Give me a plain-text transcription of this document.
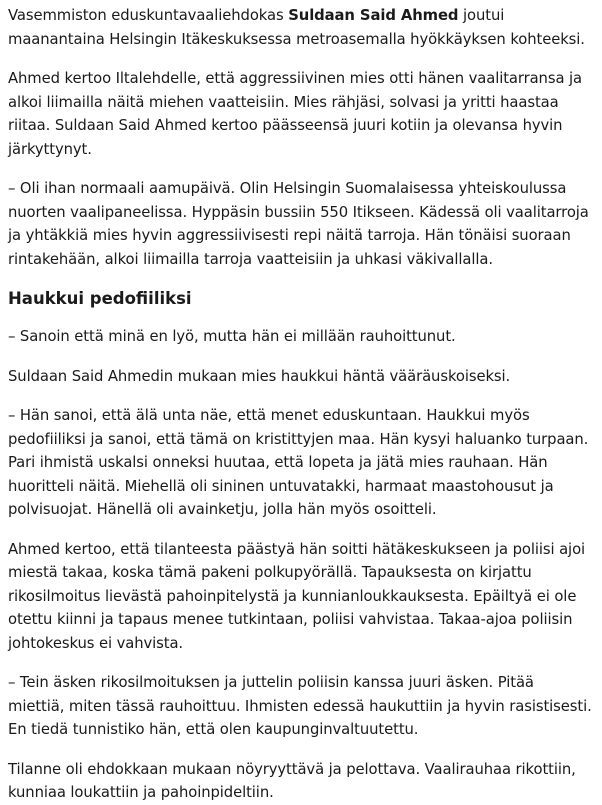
Vasemmiston eduskuntavaaliehdokas Suldaan Said Ahmed joutui maanantaina Helsingin Itäkeskuksessa metroasemalla hyökkäyksen kohteeksi.

Ahmed kertoo Iltalehdelle, että aggressiivinen mies otti hänen vaalitarransa ja alkoi liimailla näitä miehen vaatteisiin. Mies rähjäsi, solvasi ja yritti haastaa riitaa. Suldaan Said Ahmed kertoo päässeensä juuri kotiin ja olevansa hyvin järkyttynyt.

– Oli ihan normaali aamupäivä. Olin Helsingin Suomalaisessa yhteiskoulussa nuorten vaalipaneelissa. Hyppäsin bussiin 550 Itikseen. Kädessä oli vaalitarroja ja yhtäkkiä mies hyvin aggressiivisesti repi näitä tarroja. Hän tönäisi suoraan rintakehään, alkoi liimailla tarroja vaatteisiin ja uhkasi väkivallalla.

Haukkui pedofiiliksi

– Sanoin että minä en lyö, mutta hän ei millään rauhoittunut.

Suldaan Said Ahmedin mukaan mies haukkui häntä vääräuskoiseksi.

– Hän sanoi, että älä unta näe, että menet eduskuntaan. Haukkui myös pedofiiliksi ja sanoi, että tämä on kristittyjen maa. Hän kysyi haluanko turpaan. Pari ihmistä uskalsi onneksi huutaa, että lopeta ja jätä mies rauhaan. Hän huoritteli näitä. Miehellä oli sininen untuvatakki, harmaat maastohousut ja polvisuojat. Hänellä oli avainketju, jolla hän myös osoitteli.

Ahmed kertoo, että tilanteesta päästyä hän soitti hätäkeskukseen ja poliisi ajoi miestä takaa, koska tämä pakeni polkupyörällä. Tapauksesta on kirjattu rikosilmoitus lievästä pahoinpitelystä ja kunnianloukkauksesta. Epäiltyä ei ole otettu kiinni ja tapaus menee tutkintaan, poliisi vahvistaa. Takaa-ajoa poliisin johtokeskus ei vahvista.

– Tein äsken rikosilmoituksen ja juttelin poliisin kanssa juuri äsken. Pitää miettiä, miten tässä rauhoittuu. Ihmisten edessä haukuttiin ja hyvin rasistisesti. En tiedä tunnistiko hän, että olen kaupunginvaltuutettu.

Tilanne oli ehdokkaan mukaan nöyryyttävä ja pelottava. Vaalirauhaa rikottiin, kunniaa loukattiin ja pahoinpideltiin.
